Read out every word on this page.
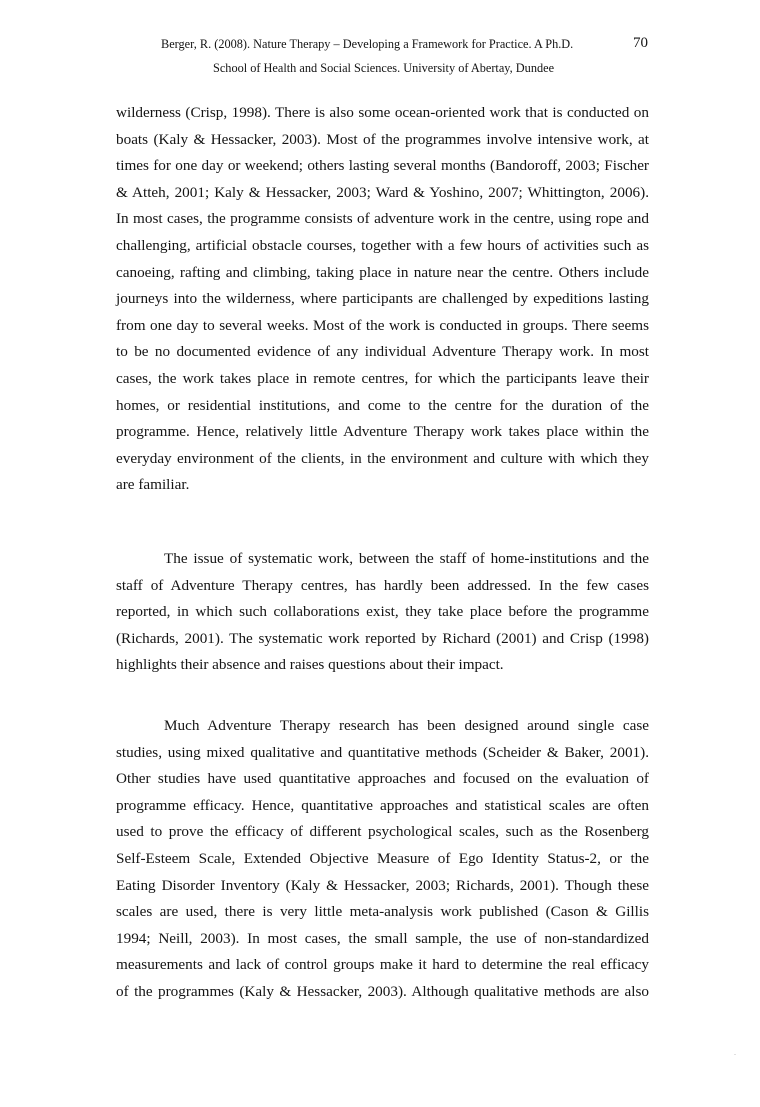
Berger, R. (2008). Nature Therapy – Developing a Framework for Practice. A Ph.D.	70
School of Health and Social Sciences. University of Abertay, Dundee
wilderness (Crisp, 1998). There is also some ocean-oriented work that is conducted on
boats (Kaly & Hessacker, 2003). Most of the programmes involve intensive work, at
times for one day or weekend; others lasting several months (Bandoroff, 2003; Fischer
& Atteh, 2001; Kaly & Hessacker, 2003; Ward & Yoshino, 2007; Whittington, 2006).
In most cases, the programme consists of adventure work in the centre, using rope and
challenging, artificial obstacle courses, together with a few hours of activities such as
canoeing, rafting and climbing, taking place in nature near the centre. Others include
journeys into the wilderness, where participants are challenged by expeditions lasting
from one day to several weeks. Most of the work is conducted in groups. There seems
to be no documented evidence of any individual Adventure Therapy work. In most
cases, the work takes place in remote centres, for which the participants leave their
homes, or residential institutions, and come to the centre for the duration of the
programme. Hence, relatively little Adventure Therapy work takes place within the
everyday environment of the clients, in the environment and culture with which they
are familiar.
The issue of systematic work, between the staff of home-institutions and the
staff of Adventure Therapy centres, has hardly been addressed. In the few cases
reported, in which such collaborations exist, they take place before the programme
(Richards, 2001). The systematic work reported by Richard (2001) and Crisp (1998)
highlights their absence and raises questions about their impact.
Much Adventure Therapy research has been designed around single case
studies, using mixed qualitative and quantitative methods (Scheider & Baker, 2001).
Other studies have used quantitative approaches and focused on the evaluation of
programme efficacy. Hence, quantitative approaches and statistical scales are often
used to prove the efficacy of different psychological scales, such as the Rosenberg
Self-Esteem Scale, Extended Objective Measure of Ego Identity Status-2, or the
Eating Disorder Inventory (Kaly & Hessacker, 2003; Richards, 2001). Though these
scales are used, there is very little meta-analysis work published (Cason & Gillis
1994; Neill, 2003). In most cases, the small sample, the use of non-standardized
measurements and lack of control groups make it hard to determine the real efficacy
of the programmes (Kaly & Hessacker, 2003). Although qualitative methods are also
